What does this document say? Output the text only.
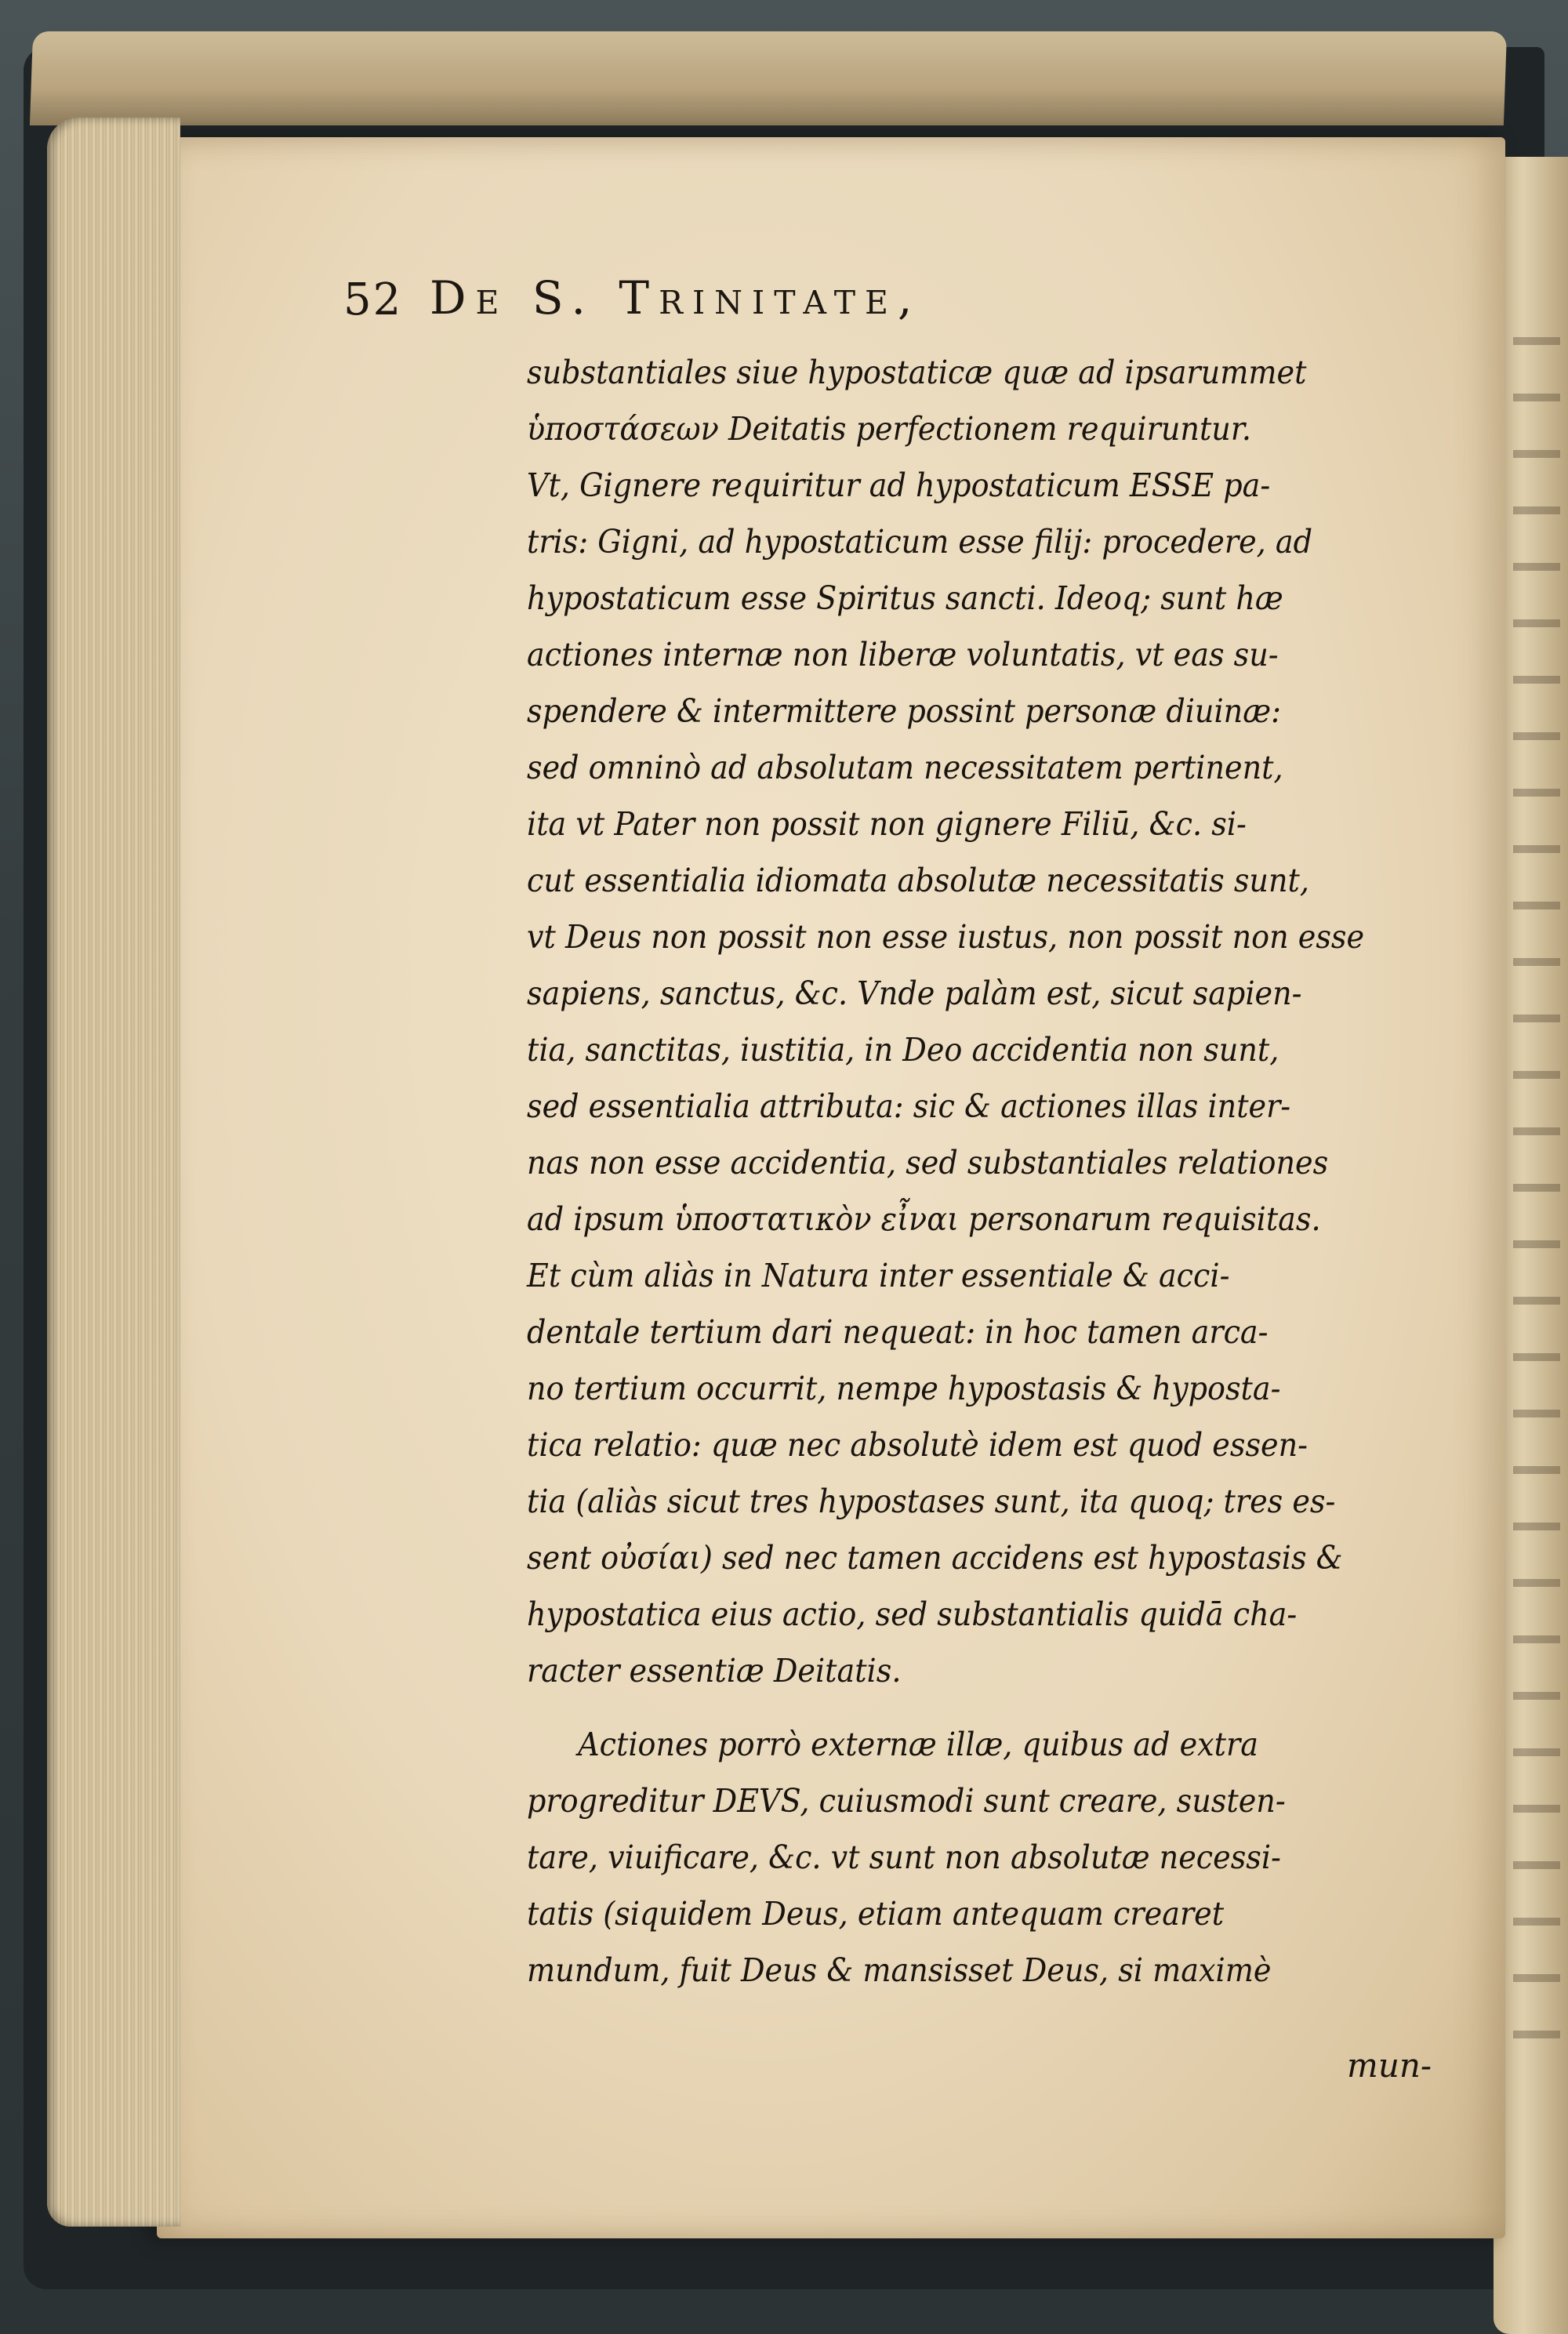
52 De S. Trinitate,
substantiales siue hypostaticæ quæ ad ipsarummet
ὑποστάσεων Deitatis perfectionem requiruntur.
Vt, Gignere requiritur ad hypostaticum ESSE pa-
tris: Gigni, ad hypostaticum esse filij: procedere, ad
hypostaticum esse Spiritus sancti. Ideoq; sunt hæ
actiones internæ non liberæ voluntatis, vt eas su-
spendere & intermittere possint personæ diuinæ:
sed omninò ad absolutam necessitatem pertinent,
ita vt Pater non possit non gignere Filiū, &c. si-
cut essentialia idiomata absolutæ necessitatis sunt,
vt Deus non possit non esse iustus, non possit non esse
sapiens, sanctus, &c. Vnde palàm est, sicut sapien-
tia, sanctitas, iustitia, in Deo accidentia non sunt,
sed essentialia attributa: sic & actiones illas inter-
nas non esse accidentia, sed substantiales relationes
ad ipsum ὑποστατικὸν εἶναι personarum requisitas.
Et cùm aliàs in Natura inter essentiale & acci-
dentale tertium dari nequeat: in hoc tamen arca-
no tertium occurrit, nempe hypostasis & hyposta-
tica relatio: quæ nec absolutè idem est quod essen-
tia (aliàs sicut tres hypostases sunt, ita quoq; tres es-
sent οὐσίαι) sed nec tamen accidens est hypostasis &
hypostatica eius actio, sed substantialis quidā cha-
racter essentiæ Deitatis.
Actiones porrò externæ illæ, quibus ad extra
progreditur DEVS, cuiusmodi sunt creare, susten-
tare, viuificare, &c. vt sunt non absolutæ necessi-
tatis (siquidem Deus, etiam antequam crearet
mundum, fuit Deus & mansisset Deus, si maximè
mun-
